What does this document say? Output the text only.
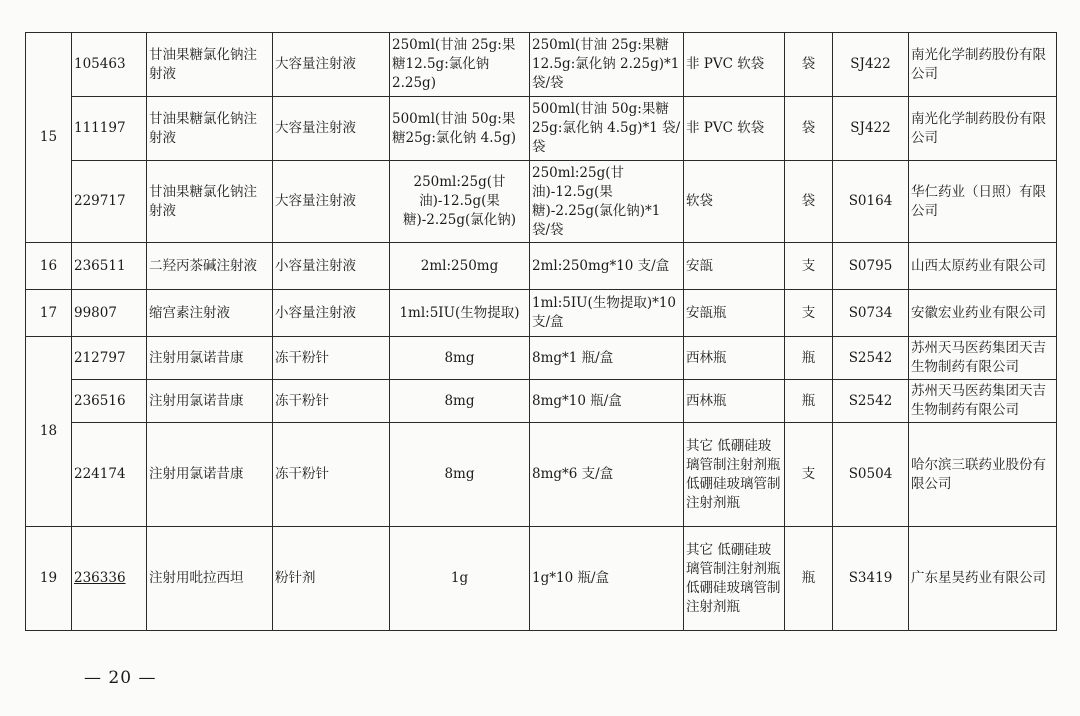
15	105463	甘油果糖氯化钠注射液	大容量注射液	250ml(甘油 25g:果糖12.5g:氯化钠 2.25g)	250ml(甘油 25g:果糖12.5g:氯化钠 2.25g)*1袋/袋	非 PVC 软袋	袋	SJ422	南光化学制药股份有限公司
	111197	甘油果糖氯化钠注射液	大容量注射液	500ml(甘油 50g:果糖25g:氯化钠 4.5g)	500ml(甘油 50g:果糖25g:氯化钠 4.5g)*1 袋/袋	非 PVC 软袋	袋	SJ422	南光化学制药股份有限公司
	229717	甘油果糖氯化钠注射液	大容量注射液	250ml:25g(甘油)-12.5g(果糖)-2.25g(氯化钠)	250ml:25g(甘油)-12.5g(果糖)-2.25g(氯化钠)*1 袋/袋	软袋	袋	S0164	华仁药业（日照）有限公司
16	236511	二羟丙茶碱注射液	小容量注射液	2ml:250mg	2ml:250mg*10 支/盒	安瓿	支	S0795	山西太原药业有限公司
17	99807	缩宫素注射液	小容量注射液	1ml:5IU(生物提取)	1ml:5IU(生物提取)*10支/盒	安瓿瓶	支	S0734	安徽宏业药业有限公司
18	212797	注射用氯诺昔康	冻干粉针	8mg	8mg*1 瓶/盒	西林瓶	瓶	S2542	苏州天马医药集团天吉生物制药有限公司
	236516	注射用氯诺昔康	冻干粉针	8mg	8mg*10 瓶/盒	西林瓶	瓶	S2542	苏州天马医药集团天吉生物制药有限公司
	224174	注射用氯诺昔康	冻干粉针	8mg	8mg*6 支/盒	其它 低硼硅玻璃管制注射剂瓶 低硼硅玻璃管制注射剂瓶	支	S0504	哈尔滨三联药业股份有限公司
19	236336	注射用吡拉西坦	粉针剂	1g	1g*10 瓶/盒	其它 低硼硅玻璃管制注射剂瓶 低硼硅玻璃管制注射剂瓶	瓶	S3419	广东星昊药业有限公司
— 20 —
